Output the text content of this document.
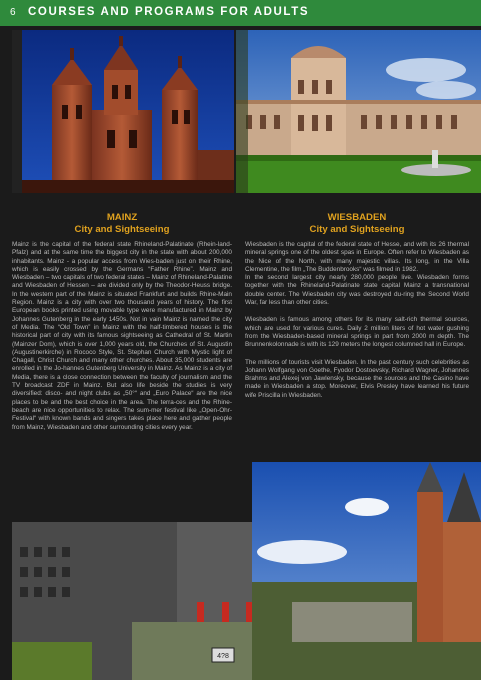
6 COURSES AND PROGRAMS FOR ADULTS
MAINZ
City and Sightseeing

Mainz is the capital of the federal state Rhineland-Palatinate (Rhein-land-Pfalz) and at the same time the biggest city in the state with about 200,000 inhabitants. Mainz - a popular access from Wies-baden just on their Rhine, which is easily crossed by the Germans “Father Rhine”. Mainz and Wiesbaden – two capitals of two federal states – Mainz of Rhineland-Palatine and Wiesbaden of Hessen – are divided only by the Theodor-Heuss bridge. In the western part of the Mainz is situated Frankfurt and builds Rhine-Main Region. Mainz is a city with over two thousand years of history. The first European books printed using movable type were manufactured in Mainz by Johannes Gutenberg in the early 1450s. Not in vain Mainz is named the city of Media. The “Old Town” in Mainz with the half-timbered houses is the historical part of city with its famous sightseeing as Cathedral of St. Martin (Mainzer Dom), which is over 1,000 years old, the Churches of St. Augustin (Augustinerkirche) in Rococo Style, St. Stephan Church with Mystic light of Chagall, Christ Church and many other churches. About 35,000 students are enrolled in the Jo-hannes Gutenberg University in Mainz. As Mainz is a city of Media, there is a close connection between the faculty of journalism and the TV broadcast ZDF in Mainz. But also life beside the studies is very diversified: disco- and night clubs as „50°“ and „Euro Palace“ are the nice places to be and the best choice in the area. The terra-ces and the Rhine-beach are nice opportunities to relax. The sum-mer festival like „Open-Ohr-Festival“ with known bands and singers takes place here and gather people from Mainz, Wiesbaden and other surrounding cities every year.

WIESBADEN
City and Sightseeing

Wiesbaden is the capital of the federal state of Hesse, and with its 26 thermal mineral springs one of the oldest spas in Europe. Often refer to Wiesbaden as the Nice of the North, with many majestic villas. Its long, in the Villa Clementine, the film „The Buddenbrooks“ was filmed in 1982.
In the second largest city nearly 280,000 people live. Wiesbaden forms together with the Rhineland-Palatinate state capital Mainz a transnational double center. The Wiesbaden city was destroyed du-ring the Second World War, far less than other cities.

Wiesbaden is famous among others for its many salt-rich thermal sources, which are used for various cures. Daily 2 million liters of hot water gushing from the Wiesbaden-based mineral springs in part from 2000 m depth. The Brunnenkolonnade is with its 129 meters the longest columned hall in Europe.

The millions of tourists visit Wiesbaden. In the past century such celebrities as Johann Wolfgang von Goethe, Fyodor Dostoevsky, Richard Wagner, Johannes Brahms and Alexej von Jawlensky, because the sources and the Casino have made in Wiesbaden a stop. Moreover, Elvis Presley have learned his future wife Priscilla in Wiesbaden.

4?8
